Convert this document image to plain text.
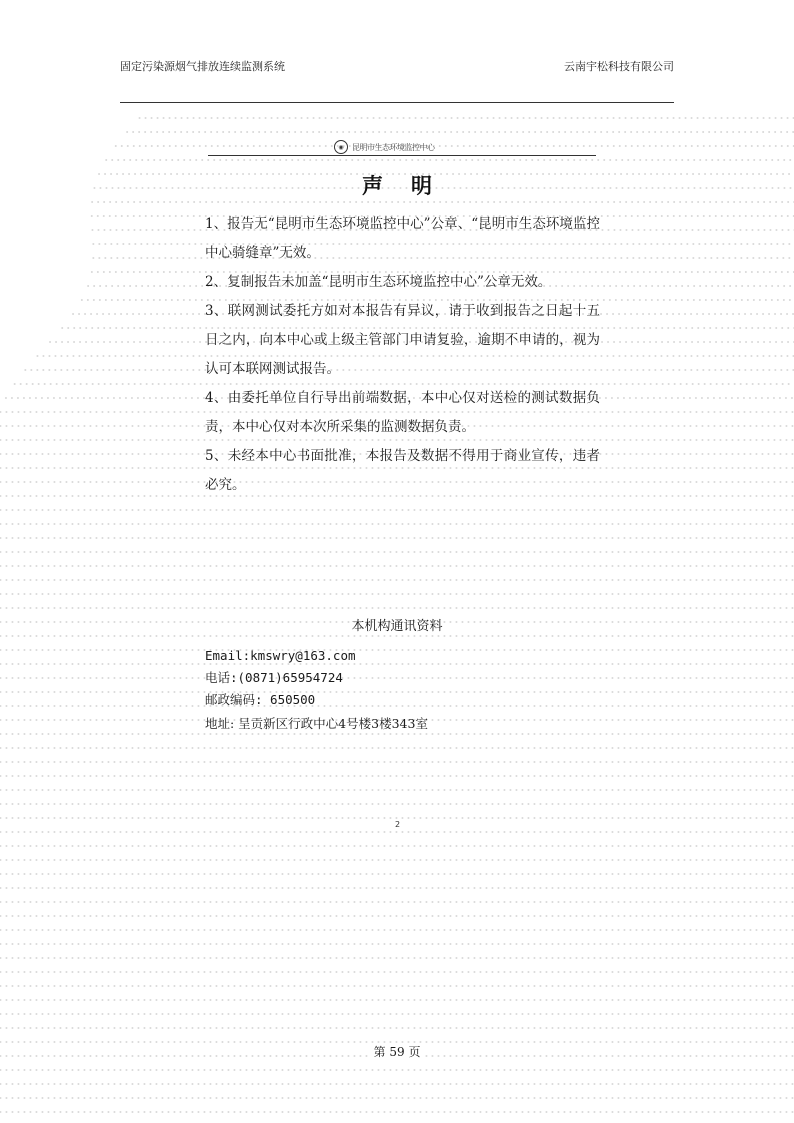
固定污染源烟气排放连续监测系统	云南宇松科技有限公司
◉	昆明市生态环境监控中心
声明

1、报告无“昆明市生态环境监控中心”公章、“昆明市生态环境监控中心骑缝章”无效。

2、复制报告未加盖“昆明市生态环境监控中心”公章无效。

3、联网测试委托方如对本报告有异议，请于收到报告之日起十五日之内，向本中心或上级主管部门申请复验，逾期不申请的，视为认可本联网测试报告。

4、由委托单位自行导出前端数据，本中心仅对送检的测试数据负责，本中心仅对本次所采集的监测数据负责。

5、未经本中心书面批准，本报告及数据不得用于商业宣传，违者必究。

本机构通讯资料
Email:kmswry@163.com
电话:(0871)65954724
邮政编码: 650500
地址: 呈贡新区行政中心4号楼3楼343室
2
第 59 页
